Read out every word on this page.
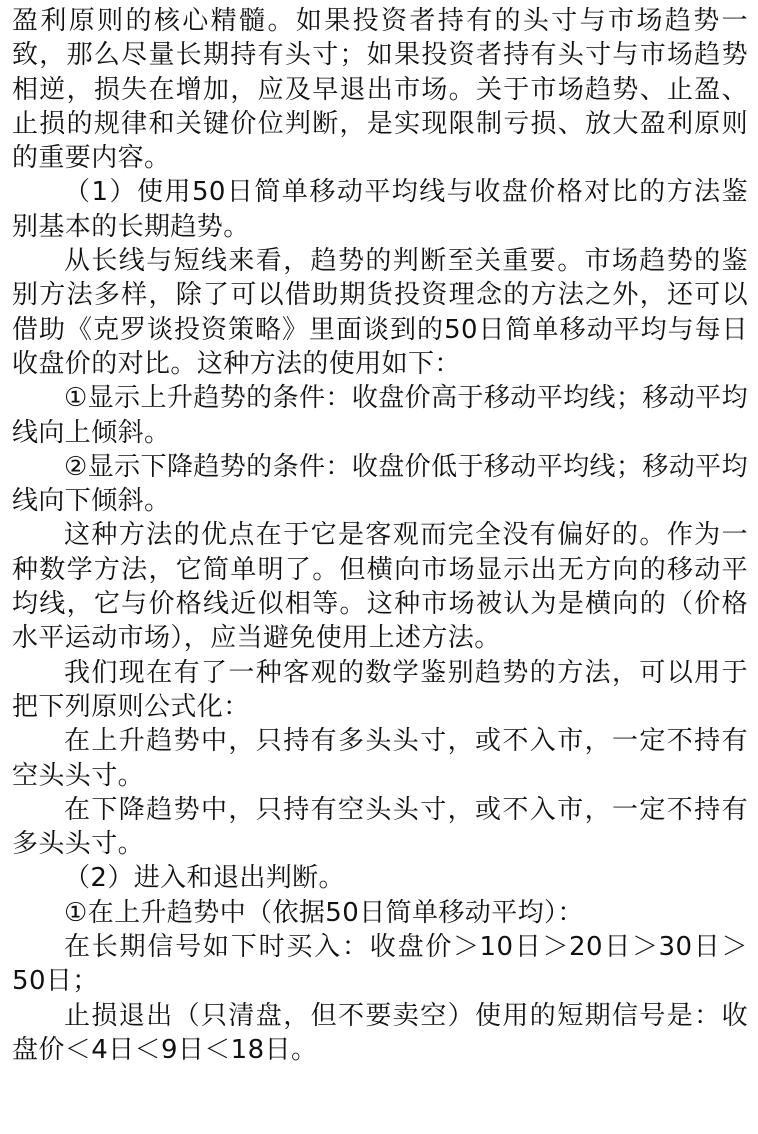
盈利原则的核心精髓。如果投资者持有的头寸与市场趋势一致，那么尽量长期持有头寸；如果投资者持有头寸与市场趋势相逆，损失在增加，应及早退出市场。关于市场趋势、止盈、止损的规律和关键价位判断，是实现限制亏损、放大盈利原则的重要内容。

（1）使用50日简单移动平均线与收盘价格对比的方法鉴别基本的长期趋势。

从长线与短线来看，趋势的判断至关重要。市场趋势的鉴别方法多样，除了可以借助期货投资理念的方法之外，还可以借助《克罗谈投资策略》里面谈到的50日简单移动平均与每日收盘价的对比。这种方法的使用如下：

①显示上升趋势的条件：收盘价高于移动平均线；移动平均线向上倾斜。

②显示下降趋势的条件：收盘价低于移动平均线；移动平均线向下倾斜。

这种方法的优点在于它是客观而完全没有偏好的。作为一种数学方法，它简单明了。但横向市场显示出无方向的移动平均线，它与价格线近似相等。这种市场被认为是横向的（价格水平运动市场），应当避免使用上述方法。

我们现在有了一种客观的数学鉴别趋势的方法，可以用于把下列原则公式化：

在上升趋势中，只持有多头头寸，或不入市，一定不持有空头头寸。

在下降趋势中，只持有空头头寸，或不入市，一定不持有多头头寸。

（2）进入和退出判断。

①在上升趋势中（依据50日简单移动平均）：

在长期信号如下时买入：收盘价＞10日＞20日＞30日＞50日；

止损退出（只清盘，但不要卖空）使用的短期信号是：收盘价＜4日＜9日＜18日。
